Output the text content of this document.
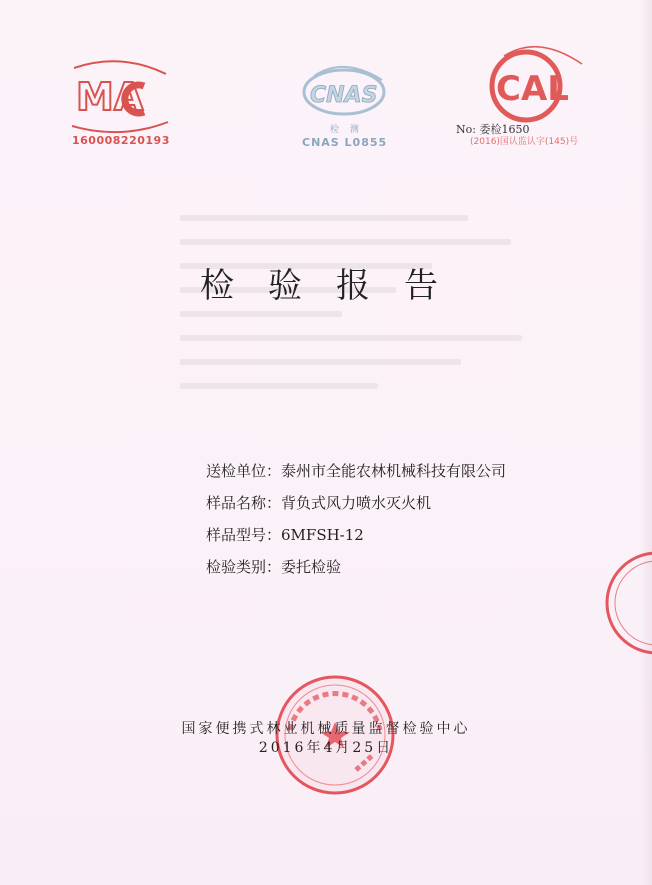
MA
160008220193
CNAS
检 测
CNAS L0855
CAL
No: 委检1650
(2016)国认监认字(145)号
检验报告
送检单位：泰州市全能农林机械科技有限公司
样品名称：背负式风力喷水灭火机
样品型号：6MFSH-12
检验类别：委托检验
国家便携式林业机械质量监督检验中心
2016年4月25日
